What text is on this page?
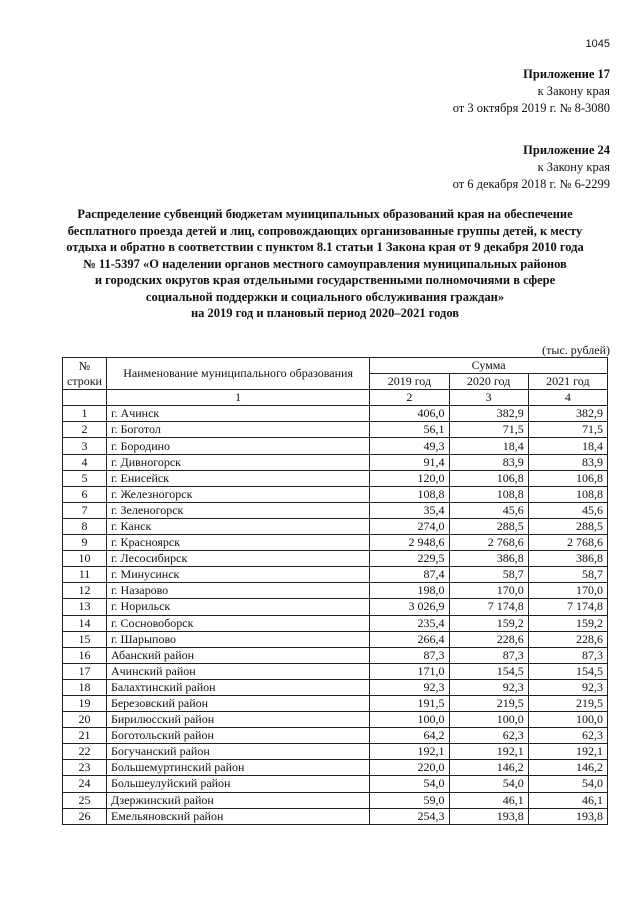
1045
Приложение 17
к Закону края
от 3 октября 2019 г. № 8-3080
Приложение 24
к Закону края
от 6 декабря 2018 г. № 6-2299
Распределение субвенций бюджетам муниципальных образований края на обеспечение
бесплатного проезда детей и лиц, сопровождающих организованные группы детей, к месту
отдыха и обратно в соответствии с пунктом 8.1 статьи 1 Закона края от 9 декабря 2010 года
№ 11-5397 «О наделении органов местного самоуправления муниципальных районов
и городских округов края отдельными государственными полномочиями в сфере
социальной поддержки и социального обслуживания граждан»
на 2019 год и плановый период 2020–2021 годов
(тыс. рублей)
№ строки	Наименование муниципального образования	Сумма		
		2019 год	2020 год	2021 год
	1	2	3	4
1	г. Ачинск	406,0	382,9	382,9
2	г. Боготол	56,1	71,5	71,5
3	г. Бородино	49,3	18,4	18,4
4	г. Дивногорск	91,4	83,9	83,9
5	г. Енисейск	120,0	106,8	106,8
6	г. Железногорск	108,8	108,8	108,8
7	г. Зеленогорск	35,4	45,6	45,6
8	г. Канск	274,0	288,5	288,5
9	г. Красноярск	2 948,6	2 768,6	2 768,6
10	г. Лесосибирск	229,5	386,8	386,8
11	г. Минусинск	87,4	58,7	58,7
12	г. Назарово	198,0	170,0	170,0
13	г. Норильск	3 026,9	7 174,8	7 174,8
14	г. Сосновоборск	235,4	159,2	159,2
15	г. Шарыпово	266,4	228,6	228,6
16	Абанский район	87,3	87,3	87,3
17	Ачинский район	171,0	154,5	154,5
18	Балахтинский район	92,3	92,3	92,3
19	Березовский район	191,5	219,5	219,5
20	Бирилюсский район	100,0	100,0	100,0
21	Боготольский район	64,2	62,3	62,3
22	Богучанский район	192,1	192,1	192,1
23	Большемуртинский район	220,0	146,2	146,2
24	Большеулуйский район	54,0	54,0	54,0
25	Дзержинский район	59,0	46,1	46,1
26	Емельяновский район	254,3	193,8	193,8
